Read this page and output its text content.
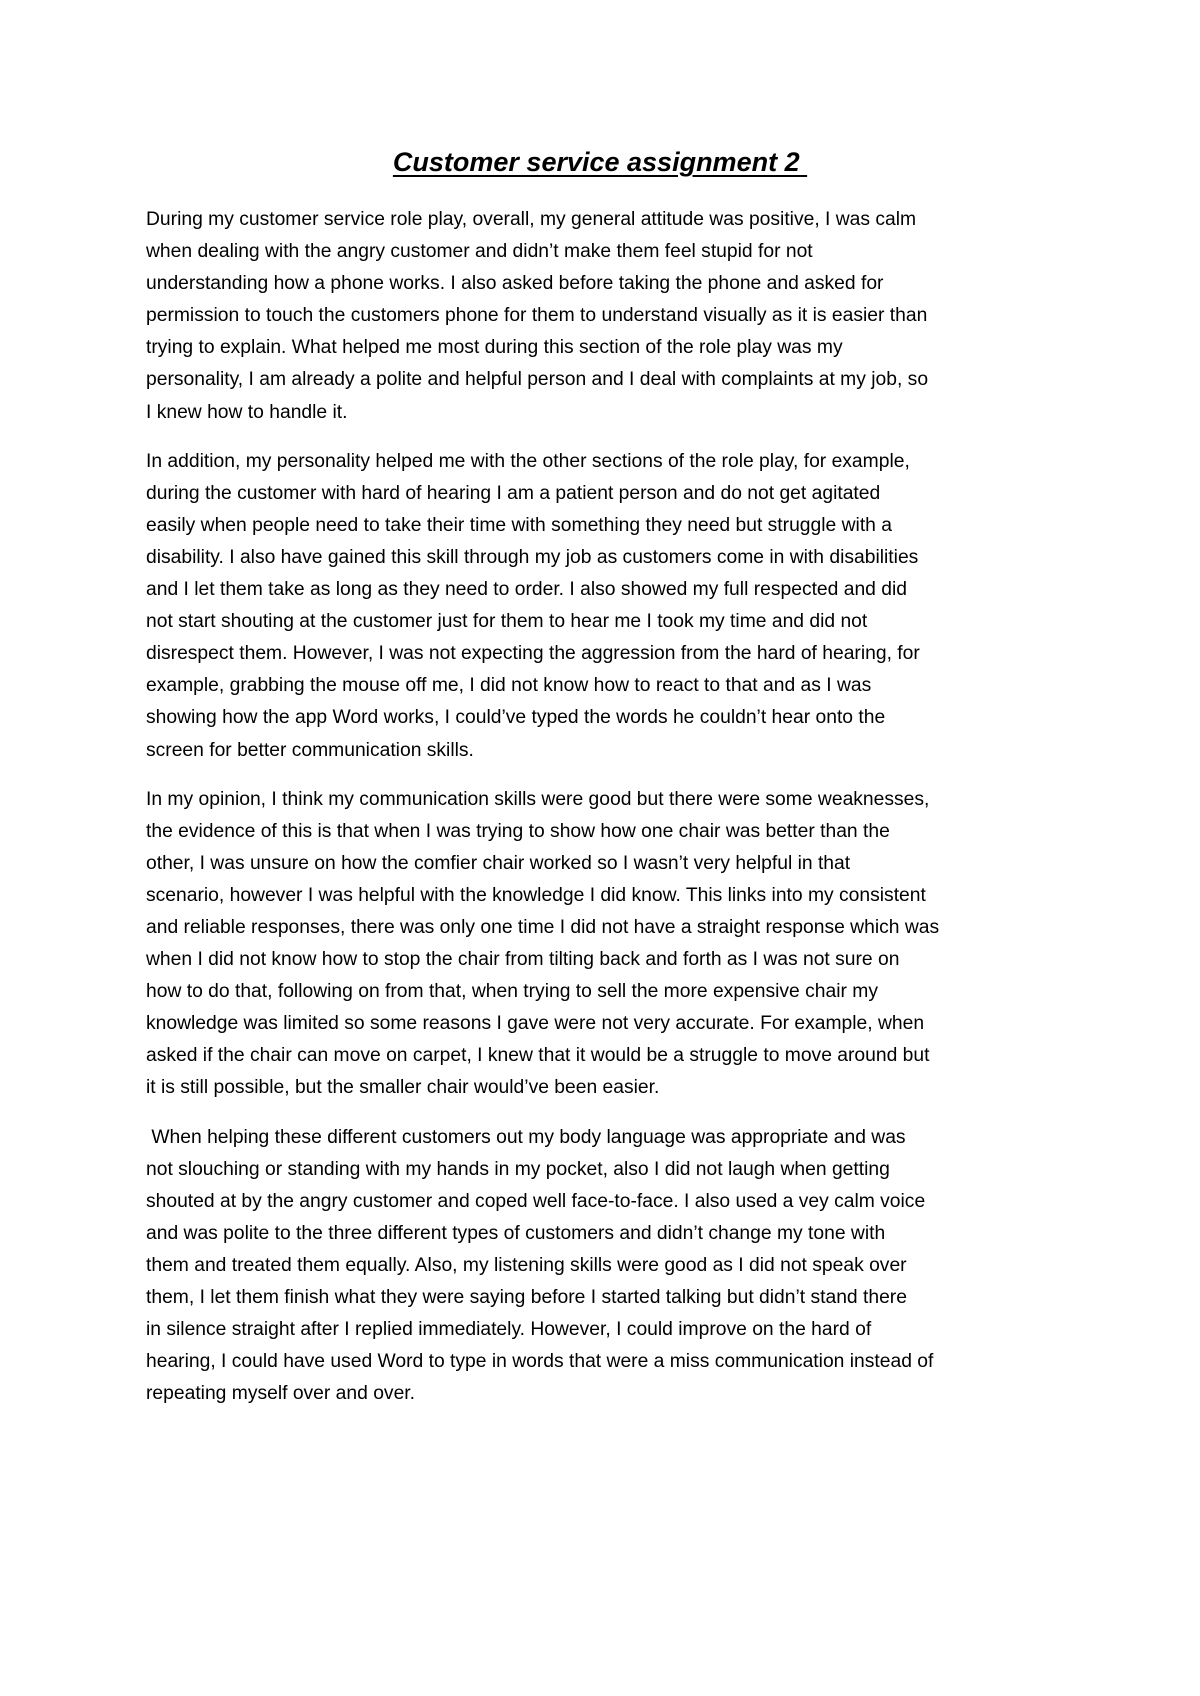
Customer service assignment 2

During my customer service role play, overall, my general attitude was positive, I was calm
when dealing with the angry customer and didn’t make them feel stupid for not
understanding how a phone works. I also asked before taking the phone and asked for
permission to touch the customers phone for them to understand visually as it is easier than
trying to explain. What helped me most during this section of the role play was my
personality, I am already a polite and helpful person and I deal with complaints at my job, so
I knew how to handle it.

In addition, my personality helped me with the other sections of the role play, for example,
during the customer with hard of hearing I am a patient person and do not get agitated
easily when people need to take their time with something they need but struggle with a
disability. I also have gained this skill through my job as customers come in with disabilities
and I let them take as long as they need to order. I also showed my full respected and did
not start shouting at the customer just for them to hear me I took my time and did not
disrespect them. However, I was not expecting the aggression from the hard of hearing, for
example, grabbing the mouse off me, I did not know how to react to that and as I was
showing how the app Word works, I could’ve typed the words he couldn’t hear onto the
screen for better communication skills.

In my opinion, I think my communication skills were good but there were some weaknesses,
the evidence of this is that when I was trying to show how one chair was better than the
other, I was unsure on how the comfier chair worked so I wasn’t very helpful in that
scenario, however I was helpful with the knowledge I did know. This links into my consistent
and reliable responses, there was only one time I did not have a straight response which was
when I did not know how to stop the chair from tilting back and forth as I was not sure on
how to do that, following on from that, when trying to sell the more expensive chair my
knowledge was limited so some reasons I gave were not very accurate. For example, when
asked if the chair can move on carpet, I knew that it would be a struggle to move around but
it is still possible, but the smaller chair would’ve been easier.

When helping these different customers out my body language was appropriate and was
not slouching or standing with my hands in my pocket, also I did not laugh when getting
shouted at by the angry customer and coped well face-to-face. I also used a vey calm voice
and was polite to the three different types of customers and didn’t change my tone with
them and treated them equally. Also, my listening skills were good as I did not speak over
them, I let them finish what they were saying before I started talking but didn’t stand there
in silence straight after I replied immediately. However, I could improve on the hard of
hearing, I could have used Word to type in words that were a miss communication instead of
repeating myself over and over.
